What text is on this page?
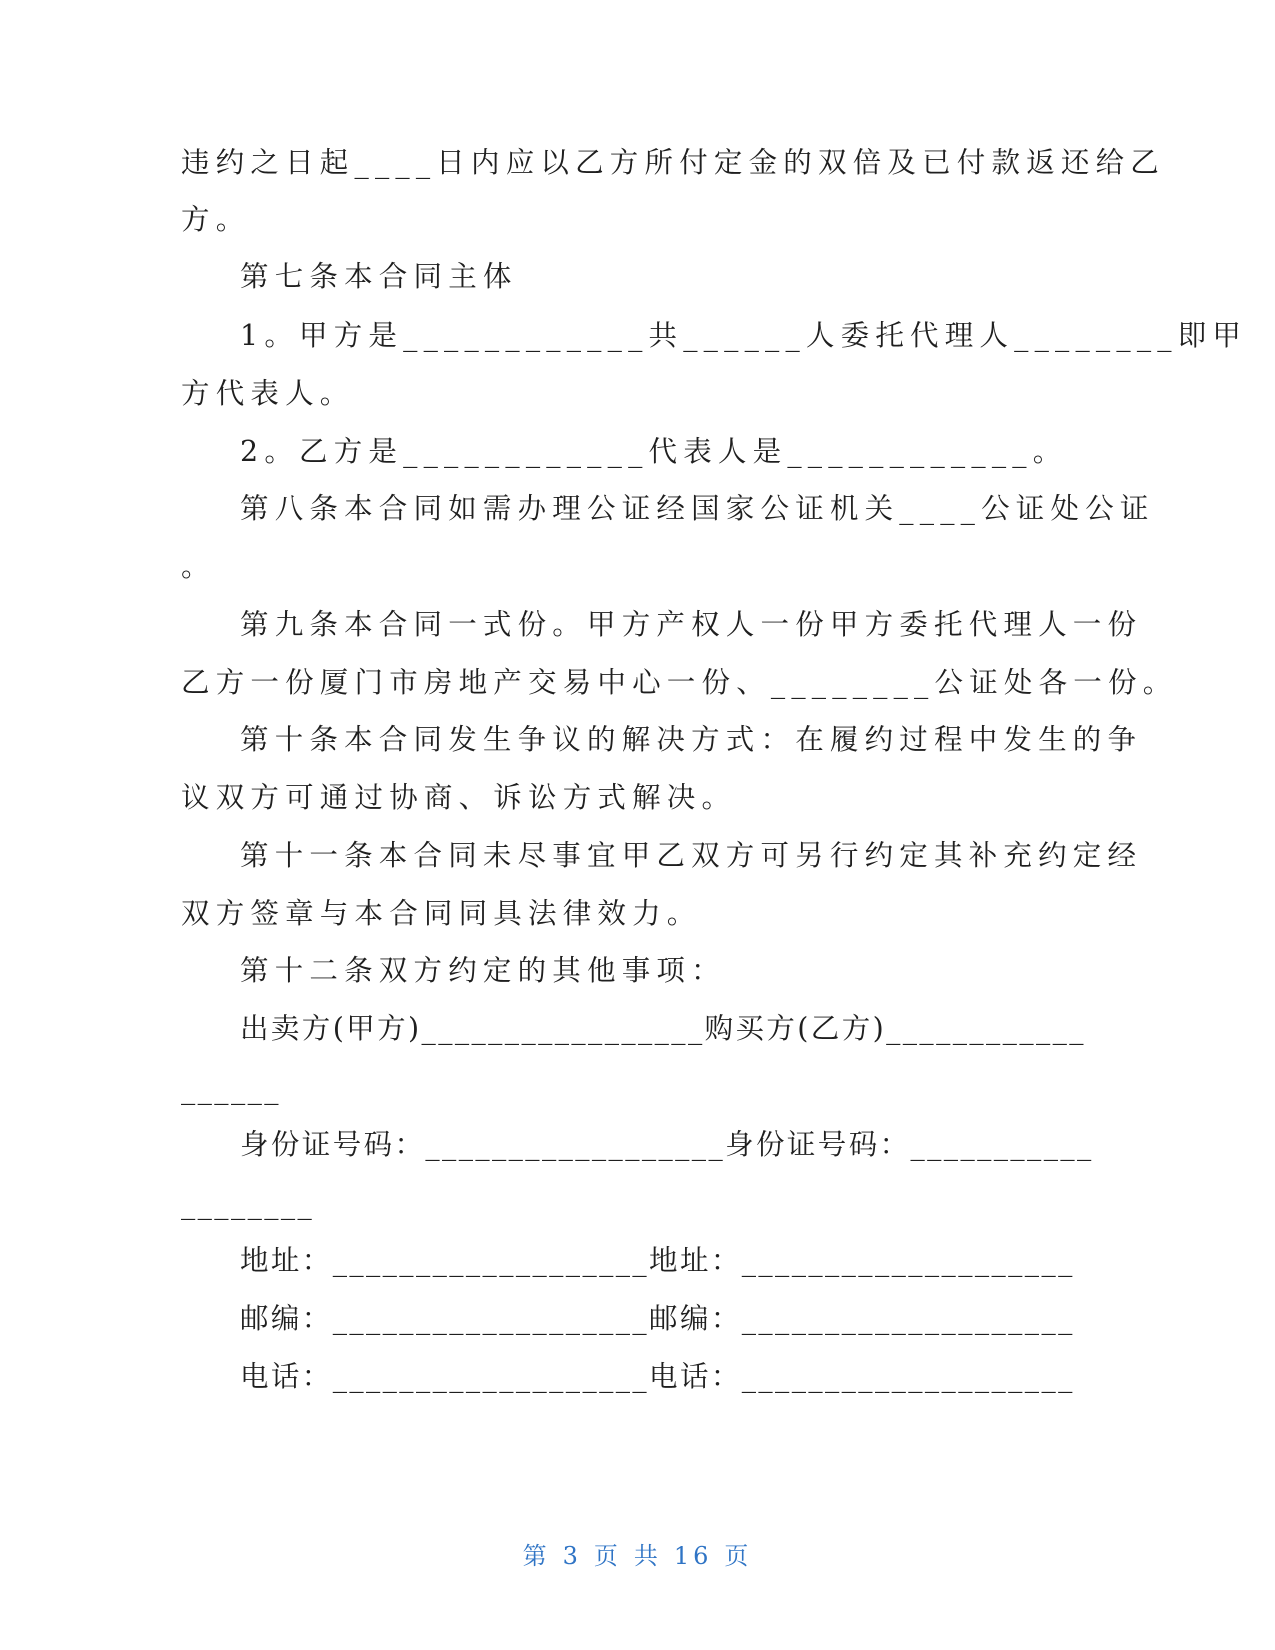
违约之日起____日内应以乙方所付定金的双倍及已付款返还给乙
方。
第七条本合同主体
1。甲方是____________共______人委托代理人________即甲
方代表人。
2。乙方是____________代表人是____________。
第八条本合同如需办理公证经国家公证机关____公证处公证
。
第九条本合同一式份。甲方产权人一份甲方委托代理人一份
乙方一份厦门市房地产交易中心一份、________公证处各一份。
第十条本合同发生争议的解决方式：在履约过程中发生的争
议双方可通过协商、诉讼方式解决。
第十一条本合同未尽事宜甲乙双方可另行约定其补充约定经
双方签章与本合同同具法律效力。
第十二条双方约定的其他事项：
出卖方(甲方)_________________购买方(乙方)____________
______
身份证号码：__________________身份证号码：___________
________
地址：___________________地址：____________________
邮编：___________________邮编：____________________
电话：___________________电话：____________________
第 3 页 共 16 页
